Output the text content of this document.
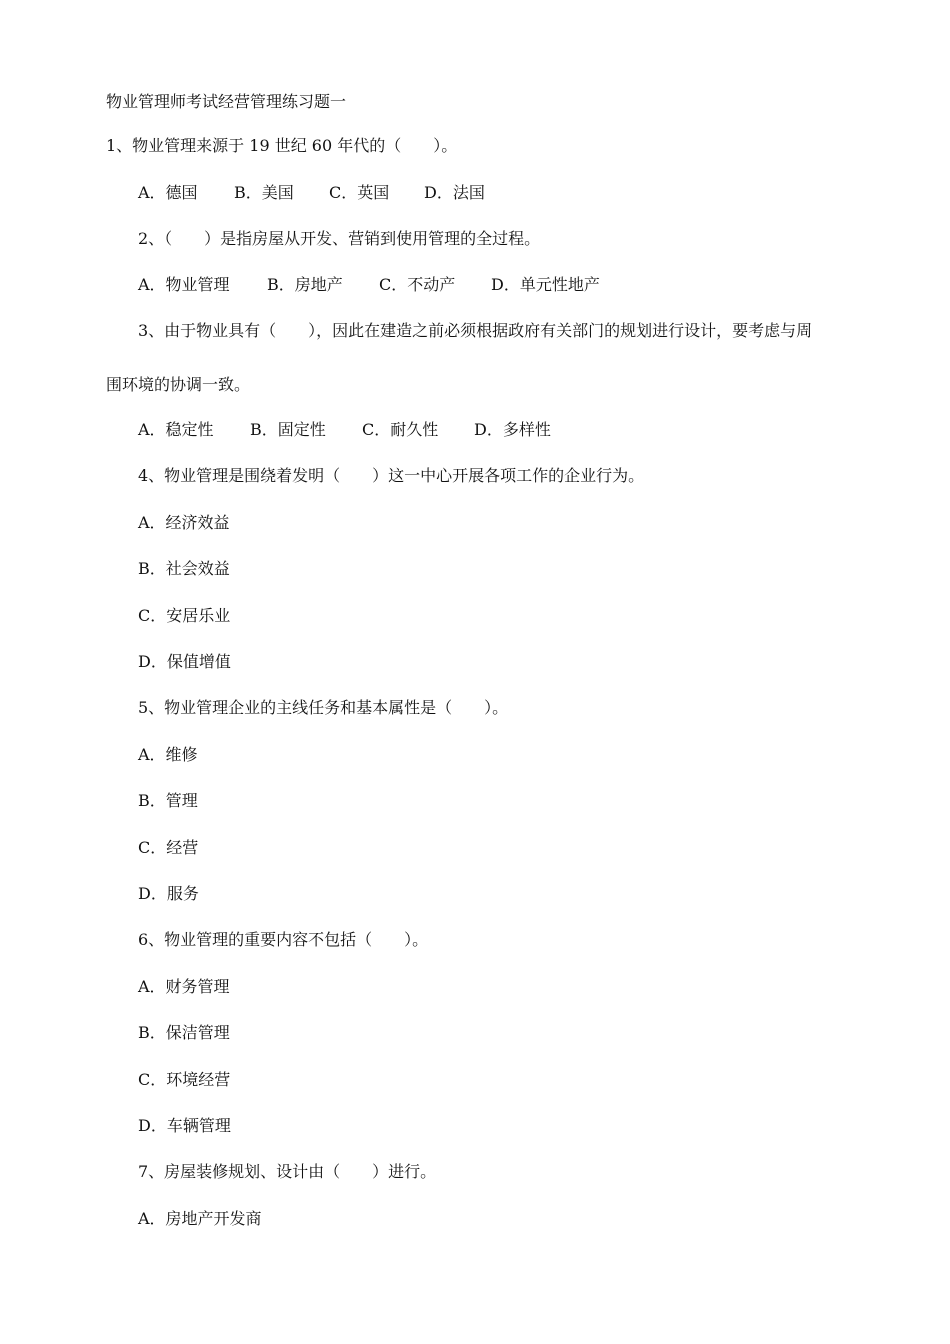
物业管理师考试经营管理练习题一
1、物业管理来源于 19 世纪 60 年代的（　　）。
A．德国 B．美国 C．英国 D．法国
2、（　　）是指房屋从开发、营销到使用管理的全过程。
A．物业管理 B．房地产 C．不动产 D．单元性地产
3、由于物业具有（　　），因此在建造之前必须根据政府有关部门的规划进行设计，要考虑与周
围环境的协调一致。
A．稳定性 B．固定性 C．耐久性 D．多样性
4、物业管理是围绕着发明（　　）这一中心开展各项工作的企业行为。
A．经济效益
B．社会效益
C．安居乐业
D．保值增值
5、物业管理企业的主线任务和基本属性是（　　）。
A．维修
B．管理
C．经营
D．服务
6、物业管理的重要内容不包括（　　）。
A．财务管理
B．保洁管理
C．环境经营
D．车辆管理
7、房屋装修规划、设计由（　　）进行。
A．房地产开发商
